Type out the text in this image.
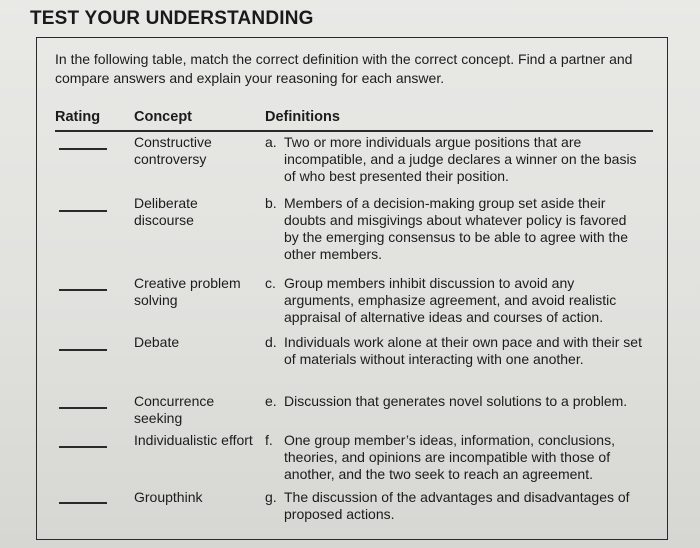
TEST YOUR UNDERSTANDING
In the following table, match the correct definition with the correct concept. Find a partner and compare answers and explain your reasoning for each answer.
Rating Concept	Definitions
Constructive controversy
Deliberate discourse
Creative problem solving
Debate
Concurrence seeking
Individualistic effort
Groupthink
a. Two or more individuals argue positions that are incompatible, and a judge declares a winner on the basis of who best presented their position.
b. Members of a decision-making group set aside their doubts and misgivings about whatever policy is favored by the emerging consensus to be able to agree with the other members.
c. Group members inhibit discussion to avoid any arguments, emphasize agreement, and avoid realistic appraisal of alternative ideas and courses of action.
d. Individuals work alone at their own pace and with their set of materials without interacting with one another.
e. Discussion that generates novel solutions to a problem.
f. One group member’s ideas, information, conclusions, theories, and opinions are incompatible with those of another, and the two seek to reach an agreement.
g. The discussion of the advantages and disadvantages of proposed actions.
